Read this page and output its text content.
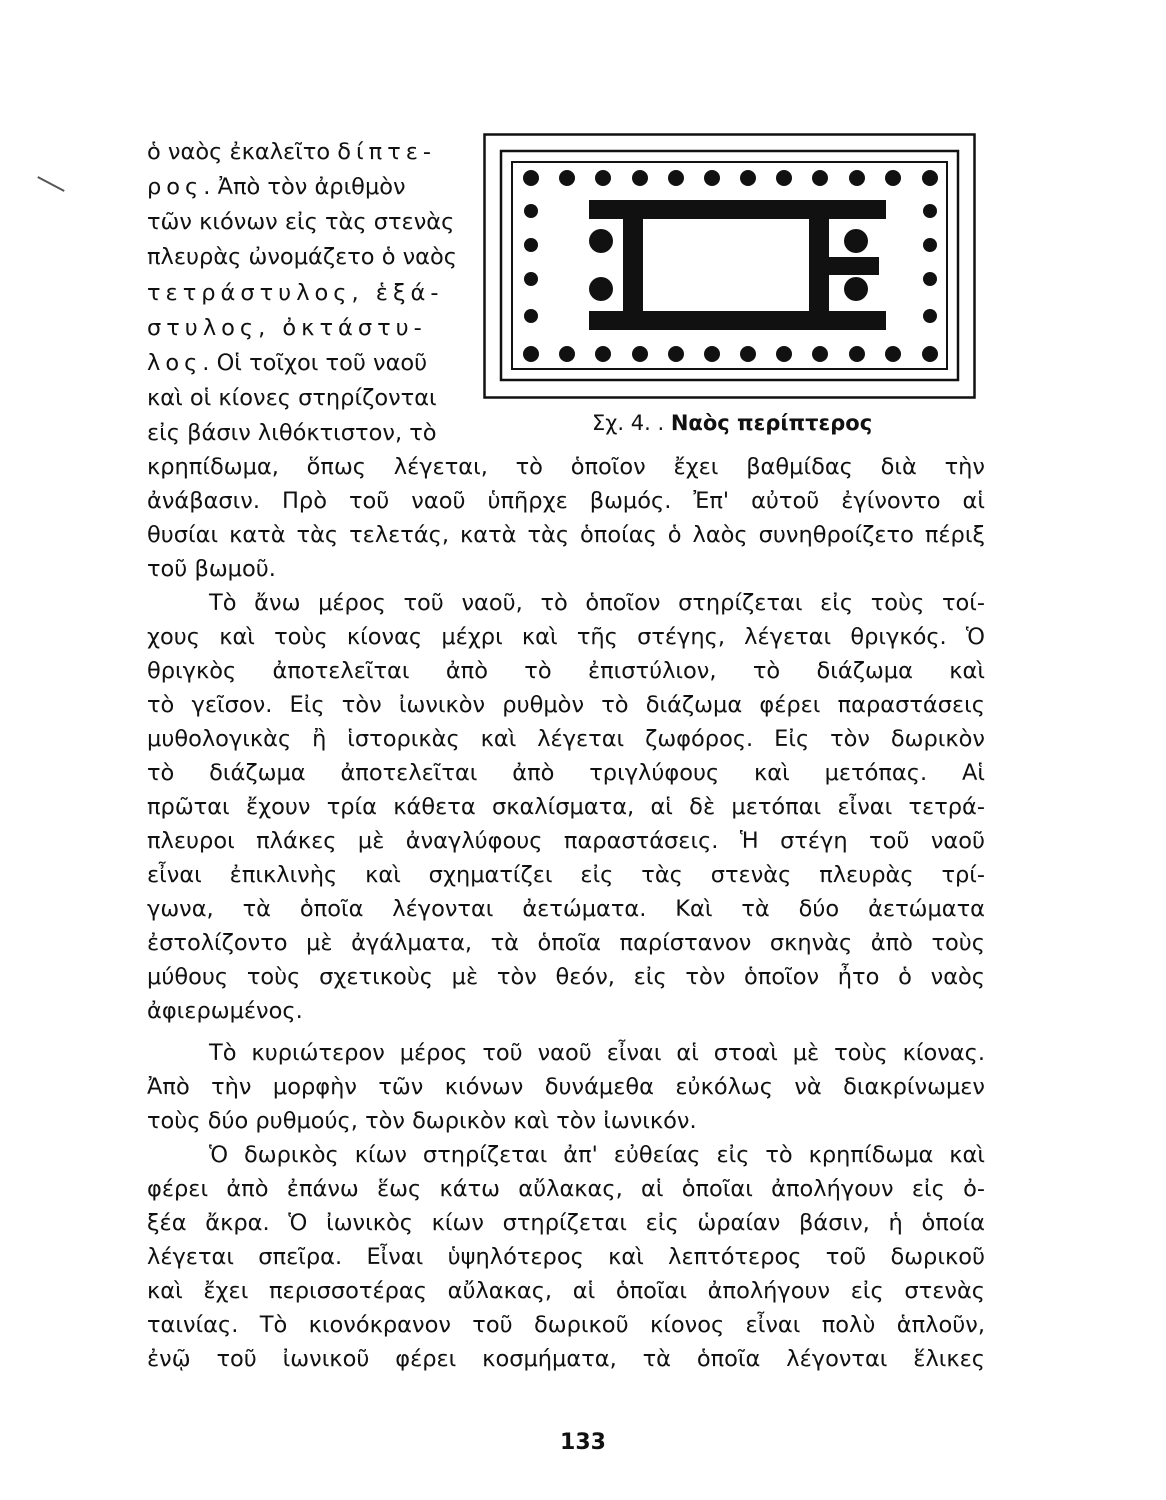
ὁ ναὸς ἐκαλεῖτο δίπτε-
ρος. Ἀπὸ τὸν ἀριθμὸν
τῶν κιόνων εἰς τὰς στενὰς
πλευρὰς ὠνομάζετο ὁ ναὸς
τετράστυλος, ἑξά-
στυλος, ὀκτάστυ-
λος. Οἱ τοῖχοι τοῦ ναοῦ
καὶ οἱ κίονες στηρίζονται
εἰς βάσιν λιθόκτιστον, τὸ	Σχ. 4. . Ναὸς περίπτερος
κρηπίδωμα, ὅπως λέγεται, τὸ ὁποῖον ἔχει βαθμίδας διὰ τὴν
ἀνάβασιν. Πρὸ τοῦ ναοῦ ὑπῆρχε βωμός. Ἐπ' αὐτοῦ ἐγίνοντο αἱ
θυσίαι κατὰ τὰς τελετάς, κατὰ τὰς ὁποίας ὁ λαὸς συνηθροίζετο πέριξ
τοῦ βωμοῦ.
Τὸ ἄνω μέρος τοῦ ναοῦ, τὸ ὁποῖον στηρίζεται εἰς τοὺς τοί-
χους καὶ τοὺς κίονας μέχρι καὶ τῆς στέγης, λέγεται θριγκός. Ὁ
θριγκὸς ἀποτελεῖται ἀπὸ τὸ ἐπιστύλιον, τὸ διάζωμα καὶ
τὸ γεῖσον. Εἰς τὸν ἰωνικὸν ρυθμὸν τὸ διάζωμα φέρει παραστάσεις
μυθολογικὰς ἢ ἱστορικὰς καὶ λέγεται ζωφόρος. Εἰς τὸν δωρικὸν
τὸ διάζωμα ἀποτελεῖται ἀπὸ τριγλύφους καὶ μετόπας. Αἱ
πρῶται ἔχουν τρία κάθετα σκαλίσματα, αἱ δὲ μετόπαι εἶναι τετρά-
πλευροι πλάκες μὲ ἀναγλύφους παραστάσεις. Ἡ στέγη τοῦ ναοῦ
εἶναι ἐπικλινὴς καὶ σχηματίζει εἰς τὰς στενὰς πλευρὰς τρί-
γωνα, τὰ ὁποῖα λέγονται ἀετώματα. Καὶ τὰ δύο ἀετώματα
ἐστολίζοντο μὲ ἀγάλματα, τὰ ὁποῖα παρίστανον σκηνὰς ἀπὸ τοὺς
μύθους τοὺς σχετικοὺς μὲ τὸν θεόν, εἰς τὸν ὁποῖον ἦτο ὁ ναὸς
ἀφιερωμένος.
Τὸ κυριώτερον μέρος τοῦ ναοῦ εἶναι αἱ στοαὶ μὲ τοὺς κίονας.
Ἀπὸ τὴν μορφὴν τῶν κιόνων δυνάμεθα εὐκόλως νὰ διακρίνωμεν
τοὺς δύο ρυθμούς, τὸν δωρικὸν καὶ τὸν ἰωνικόν.
Ὁ δωρικὸς κίων στηρίζεται ἀπ' εὐθείας εἰς τὸ κρηπίδωμα καὶ
φέρει ἀπὸ ἐπάνω ἕως κάτω αὔλακας, αἱ ὁποῖαι ἀπολήγουν εἰς ὀ-
ξέα ἄκρα. Ὁ ἰωνικὸς κίων στηρίζεται εἰς ὡραίαν βάσιν, ἡ ὁποία
λέγεται σπεῖρα. Εἶναι ὑψηλότερος καὶ λεπτότερος τοῦ δωρικοῦ
καὶ ἔχει περισσοτέρας αὔλακας, αἱ ὁποῖαι ἀπολήγουν εἰς στενὰς
ταινίας. Τὸ κιονόκρανον τοῦ δωρικοῦ κίονος εἶναι πολὺ ἁπλοῦν,
ἐνῷ τοῦ ἰωνικοῦ φέρει κοσμήματα, τὰ ὁποῖα λέγονται ἕλικες
133
